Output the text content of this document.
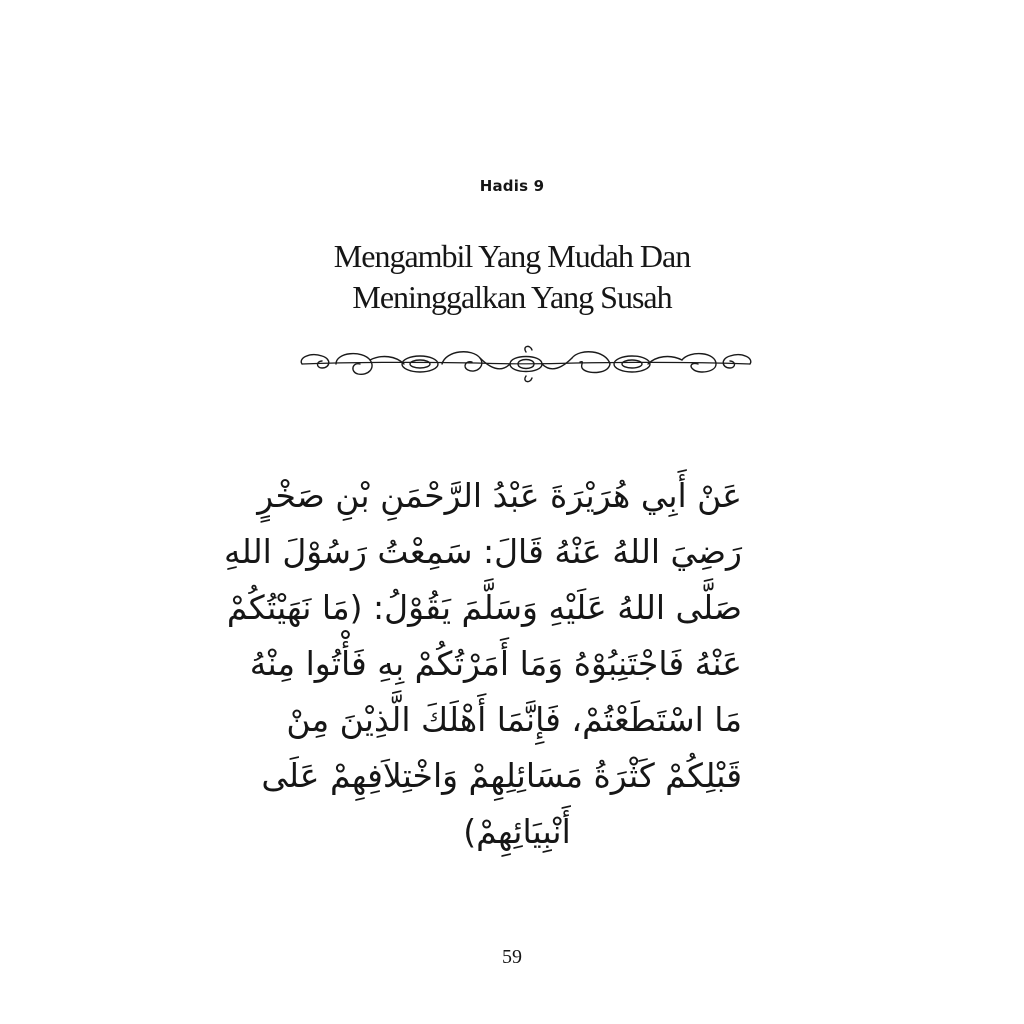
Hadis 9
Mengambil Yang Mudah Dan
Meninggalkan Yang Susah
عَنْ أَبِي هُرَيْرَةَ عَبْدُ الرَّحْمَنِ بْنِ صَخْرٍ
رَضِيَ اللهُ عَنْهُ قَالَ: سَمِعْتُ رَسُوْلَ اللهِ
صَلَّى اللهُ عَلَيْهِ وَسَلَّمَ يَقُوْلُ: (مَا نَهَيْتُكُمْ
عَنْهُ فَاجْتَنِبُوْهُ وَمَا أَمَرْتُكُمْ بِهِ فَأْتُوا مِنْهُ
مَا اسْتَطَعْتُمْ، فَإِنَّمَا أَهْلَكَ الَّذِيْنَ مِنْ
قَبْلِكُمْ كَثْرَةُ مَسَائِلِهِمْ وَاخْتِلاَفِهِمْ عَلَى
أَنْبِيَائِهِمْ)
59
